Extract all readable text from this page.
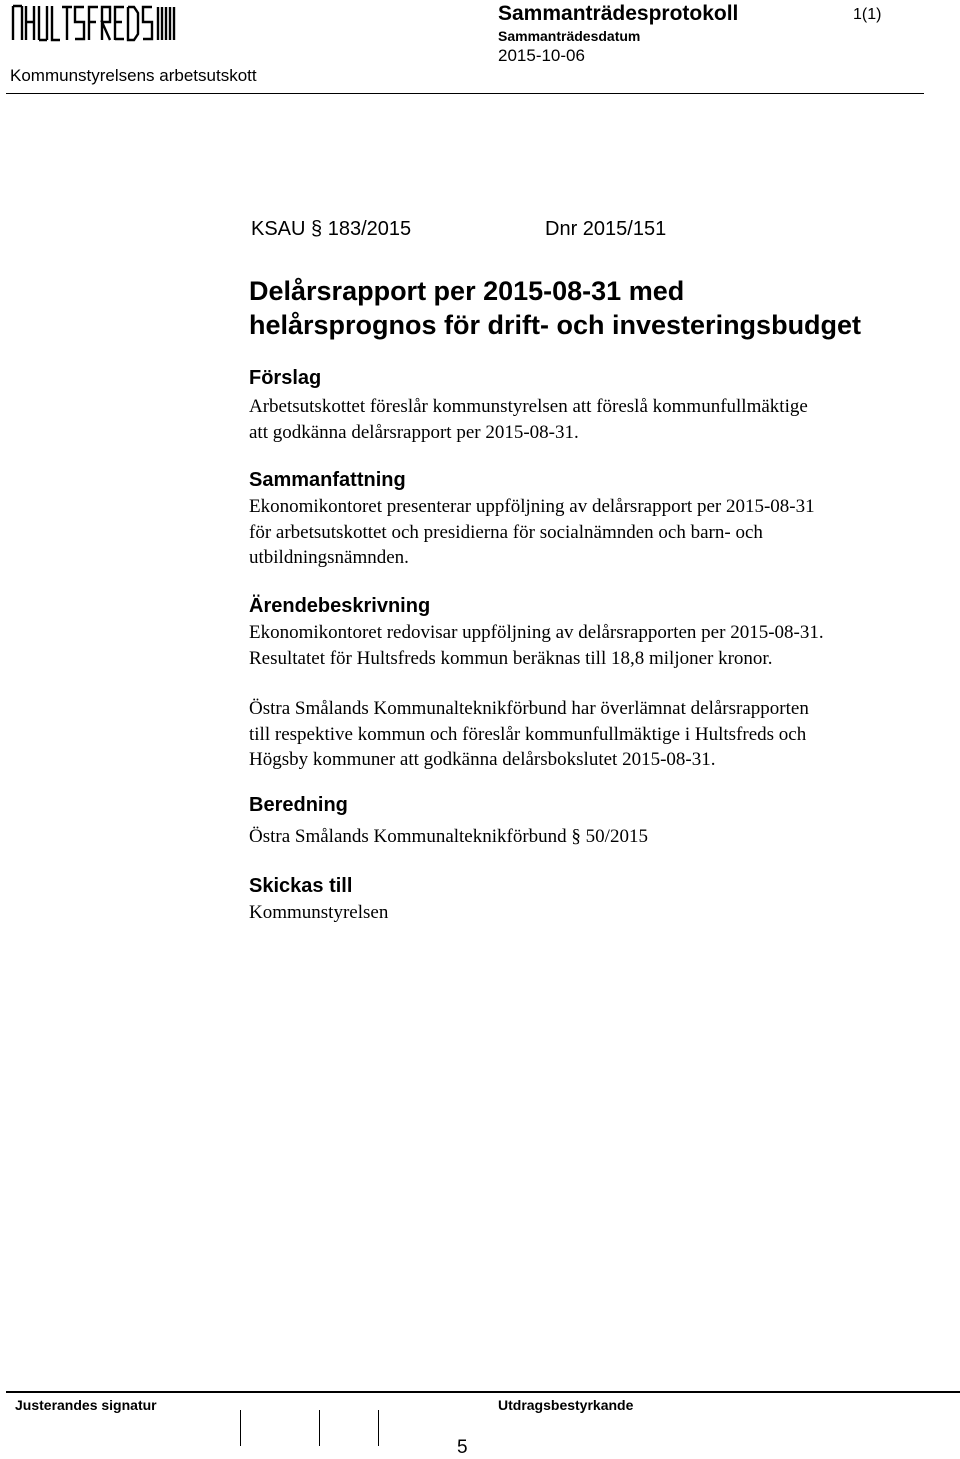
Sammanträdesprotokoll
Sammanträdesdatum
2015-10-06
1(1)
Kommunstyrelsens arbetsutskott
KSAU § 183/2015	Dnr 2015/151
Delårsrapport per 2015-08-31 med
helårsprognos för drift- och investeringsbudget
Förslag
Arbetsutskottet föreslår kommunstyrelsen att föreslå kommunfullmäktige
att godkänna delårsrapport per 2015-08-31.
Sammanfattning
Ekonomikontoret presenterar uppföljning av delårsrapport per 2015-08-31
för arbetsutskottet och presidierna för socialnämnden och barn- och
utbildningsnämnden.
Ärendebeskrivning
Ekonomikontoret redovisar uppföljning av delårsrapporten per 2015-08-31.
Resultatet för Hultsfreds kommun beräknas till 18,8 miljoner kronor.
Östra Smålands Kommunalteknikförbund har överlämnat delårsrapporten
till respektive kommun och föreslår kommunfullmäktige i Hultsfreds och
Högsby kommuner att godkänna delårsbokslutet 2015-08-31.
Beredning
Östra Smålands Kommunalteknikförbund § 50/2015
Skickas till
Kommunstyrelsen
Justerandes signatur	Utdragsbestyrkande
5
